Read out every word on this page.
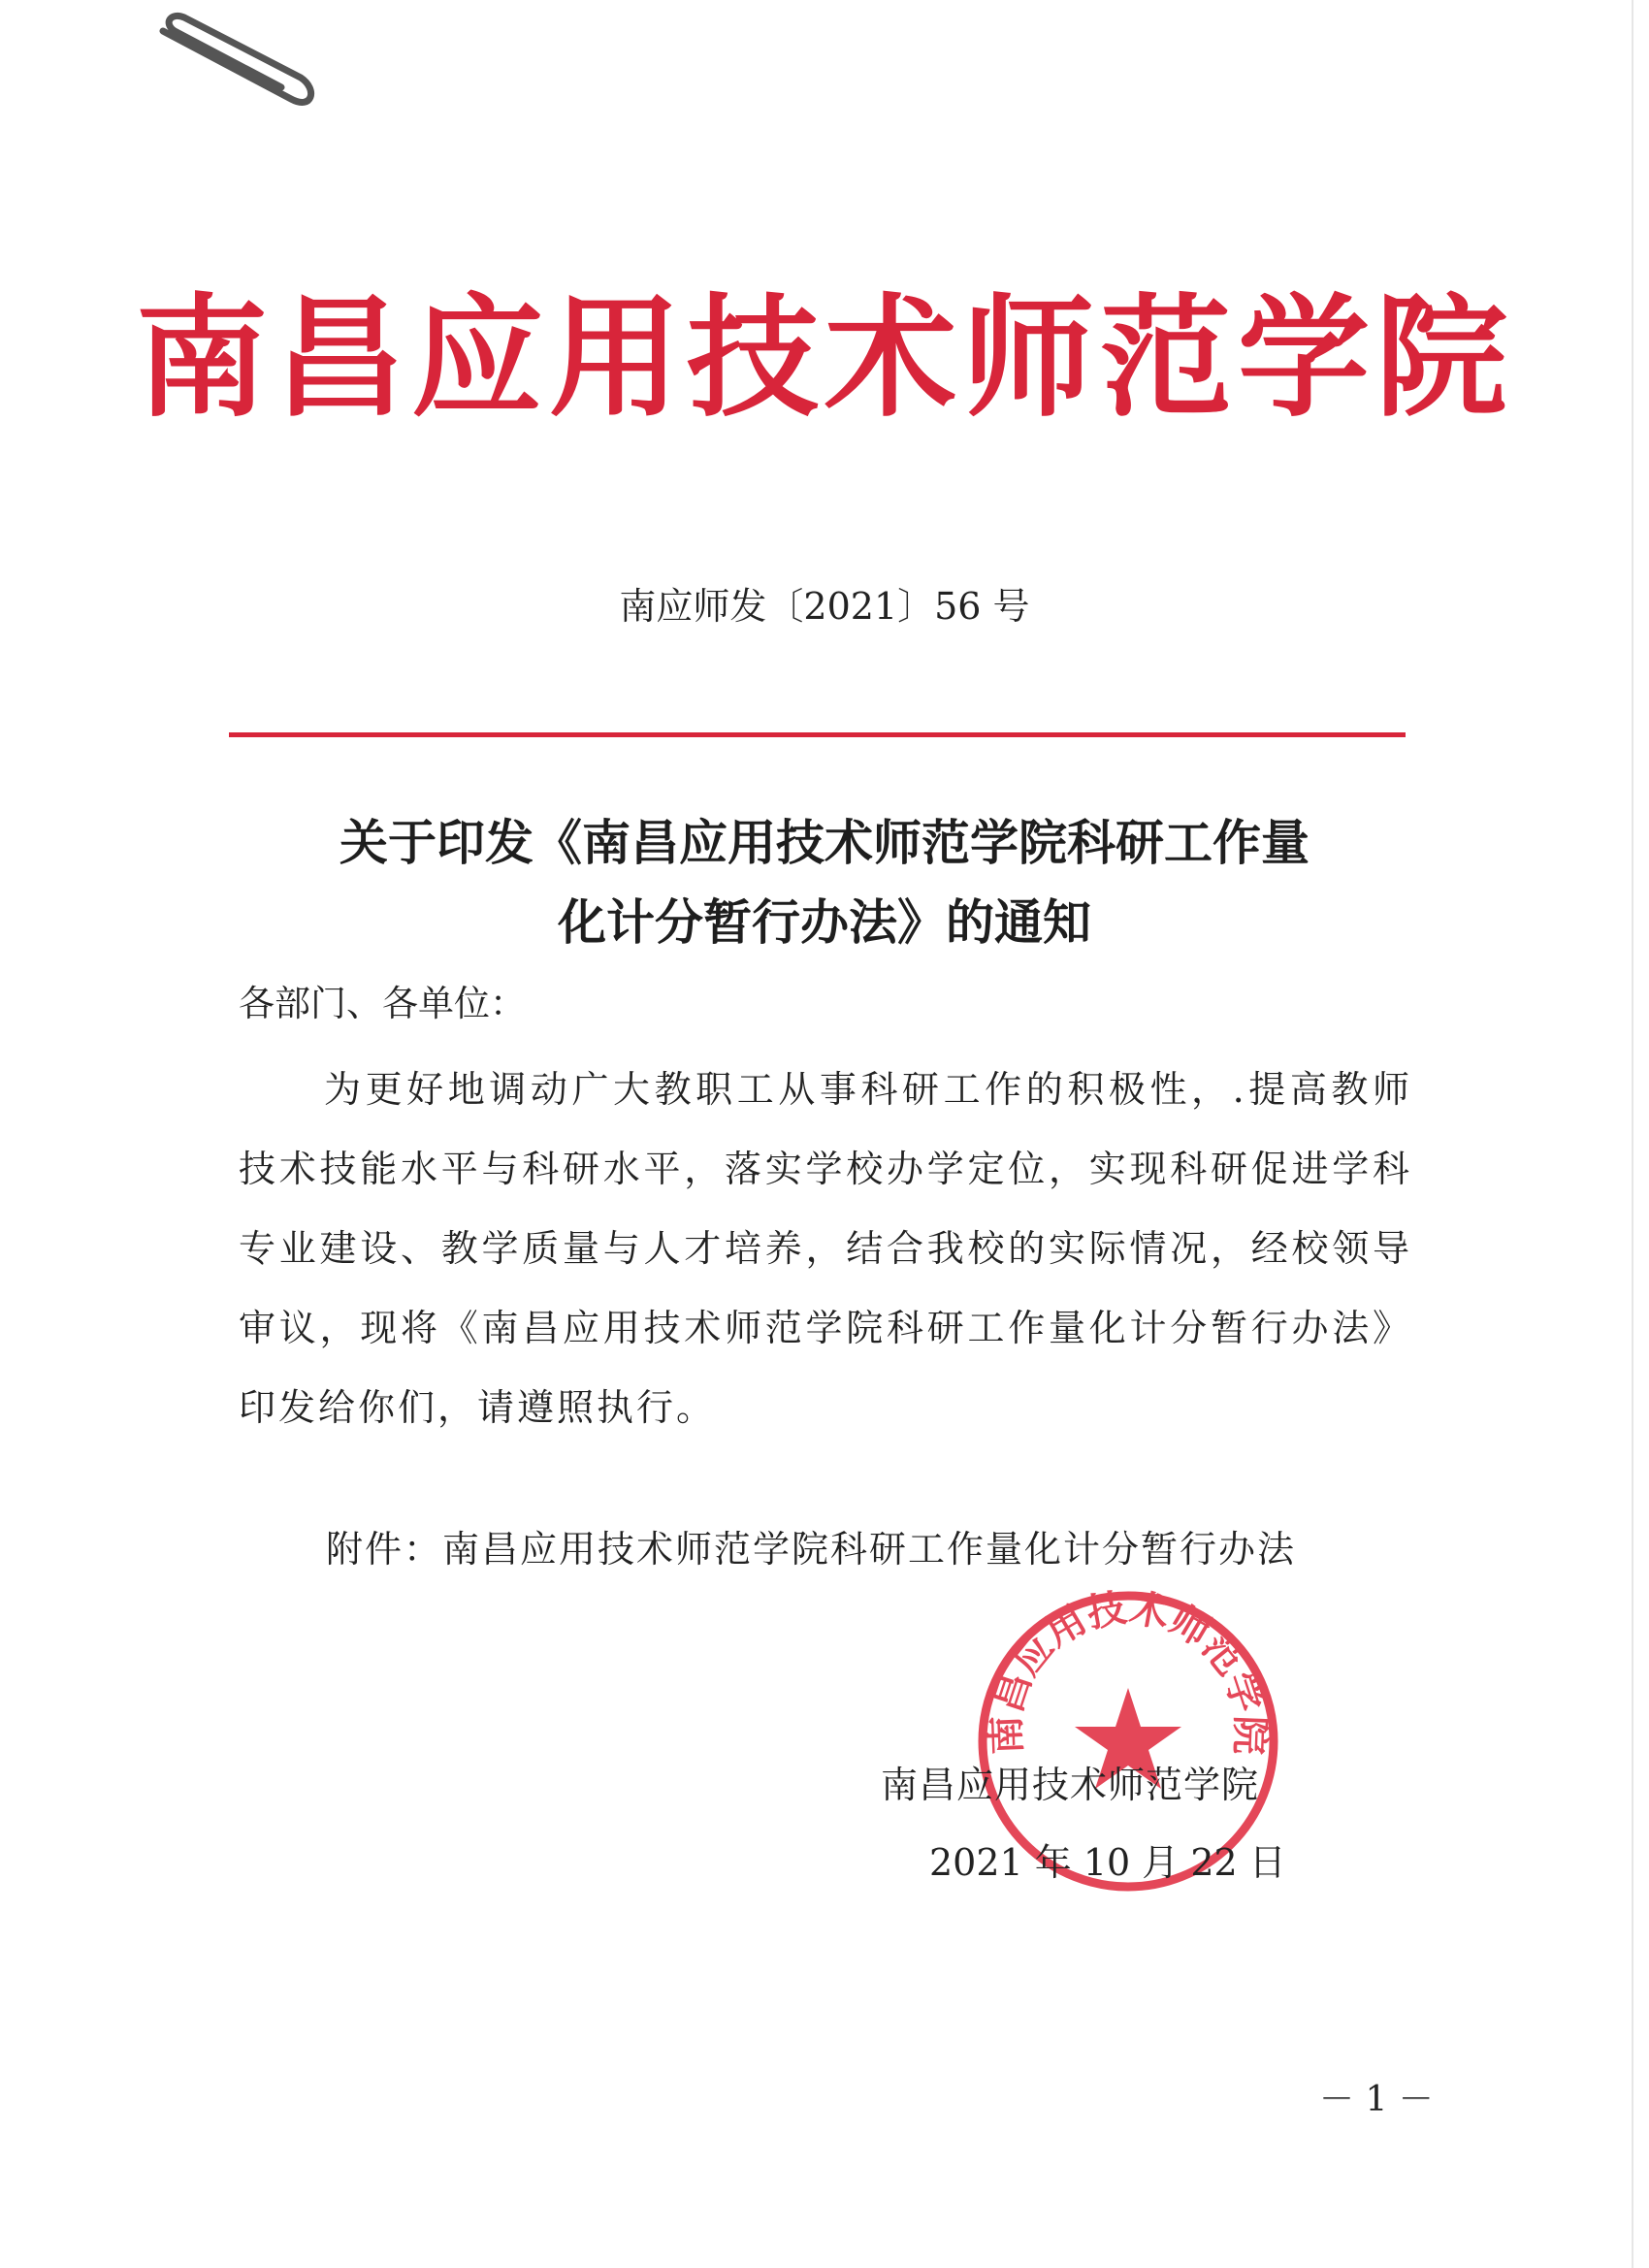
南昌应用技术师范学院
南应师发〔2021〕56 号
关于印发《南昌应用技术师范学院科研工作量
化计分暂行办法》的通知
各部门、各单位：
为更好地调动广大教职工从事科研工作的积极性，.提高教师技术技能水平与科研水平，落实学校办学定位，实现科研促进学科专业建设、教学质量与人才培养，结合我校的实际情况，经校领导审议，现将《南昌应用技术师范学院科研工作量化计分暂行办法》印发给你们，请遵照执行。
附件：南昌应用技术师范学院科研工作量化计分暂行办法
南昌应用技术师范学院
南昌应用技术师范学院
2021 年 10 月 22 日
－ 1 －
